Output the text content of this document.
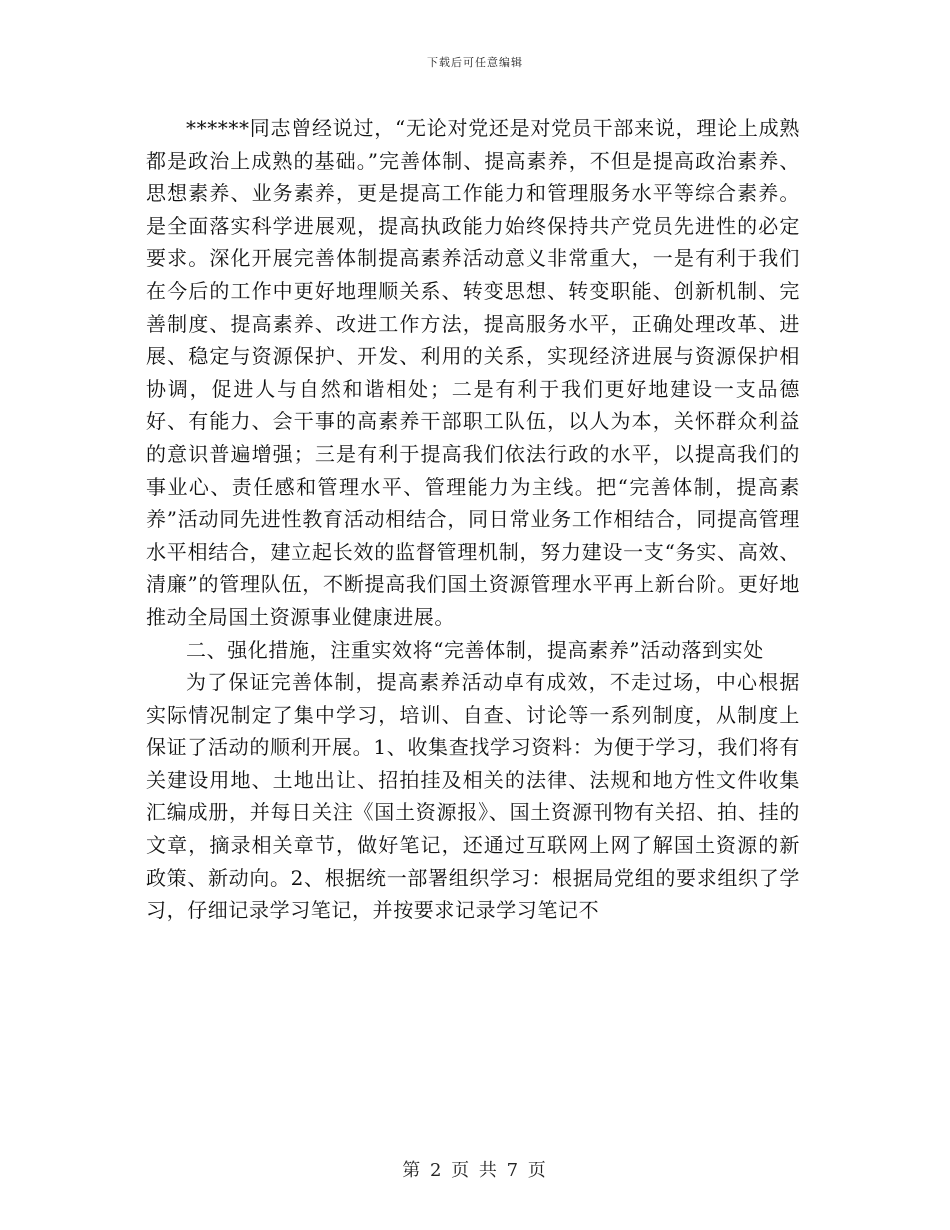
下载后可任意编辑

******同志曾经说过，“无论对党还是对党员干部来说，理论上成熟都是政治上成熟的基础。”完善体制、提高素养，不但是提高政治素养、思想素养、业务素养，更是提高工作能力和管理服务水平等综合素养。是全面落实科学进展观，提高执政能力始终保持共产党员先进性的必定要求。深化开展完善体制提高素养活动意义非常重大，一是有利于我们在今后的工作中更好地理顺关系、转变思想、转变职能、创新机制、完善制度、提高素养、改进工作方法，提高服务水平，正确处理改革、进展、稳定与资源保护、开发、利用的关系，实现经济进展与资源保护相协调，促进人与自然和谐相处；二是有利于我们更好地建设一支品德好、有能力、会干事的高素养干部职工队伍，以人为本，关怀群众利益的意识普遍增强；三是有利于提高我们依法行政的水平，以提高我们的事业心、责任感和管理水平、管理能力为主线。把“完善体制，提高素养”活动同先进性教育活动相结合，同日常业务工作相结合，同提高管理水平相结合，建立起长效的监督管理机制，努力建设一支“务实、高效、清廉”的管理队伍，不断提高我们国土资源管理水平再上新台阶。更好地推动全局国土资源事业健康进展。

二、强化措施，注重实效将“完善体制，提高素养”活动落到实处

为了保证完善体制，提高素养活动卓有成效，不走过场，中心根据实际情况制定了集中学习，培训、自查、讨论等一系列制度，从制度上保证了活动的顺利开展。1、收集查找学习资料：为便于学习，我们将有关建设用地、土地出让、招拍挂及相关的法律、法规和地方性文件收集汇编成册，并每日关注《国土资源报》、国土资源刊物有关招、拍、挂的文章，摘录相关章节，做好笔记，还通过互联网上网了解国土资源的新政策、新动向。2、根据统一部署组织学习：根据局党组的要求组织了学习，仔细记录学习笔记，并按要求记录学习笔记不

第 2 页 共 7 页
